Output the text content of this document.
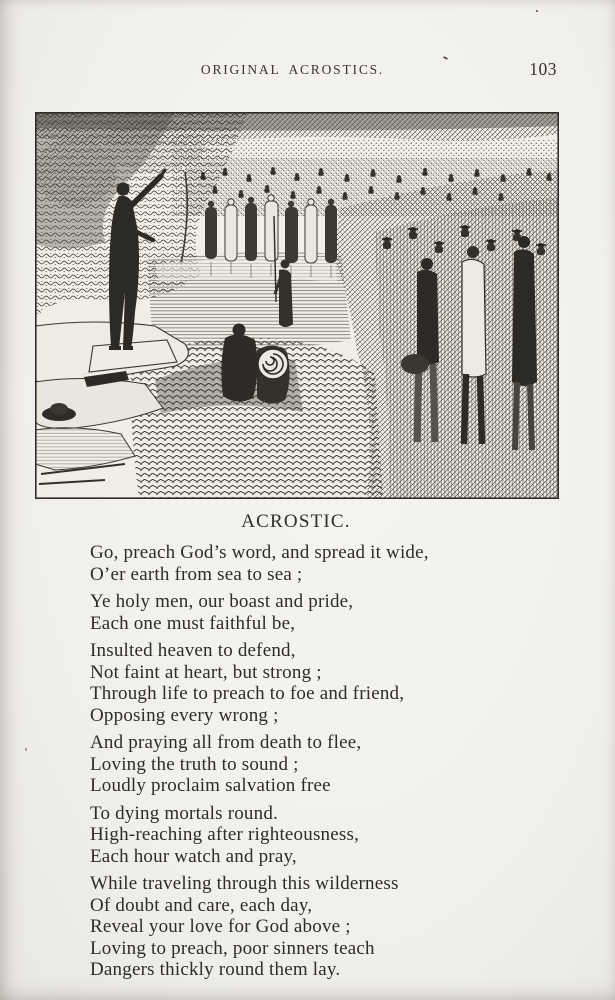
ORIGINAL ACROSTICS.	103
ACROSTIC.
Go, preach God’s word, and spread it wide,
O’er earth from sea to sea ;
Ye holy men, our boast and pride,
Each one must faithful be,
Insulted heaven to defend,
Not faint at heart, but strong ;
Through life to preach to foe and friend,
Opposing every wrong ;
And praying all from death to flee,
Loving the truth to sound ;
Loudly proclaim salvation free
To dying mortals round.
High-reaching after righteousness,
Each hour watch and pray,
While traveling through this wilderness
Of doubt and care, each day,
Reveal your love for God above ;
Loving to preach, poor sinners teach
Dangers thickly round them lay.
